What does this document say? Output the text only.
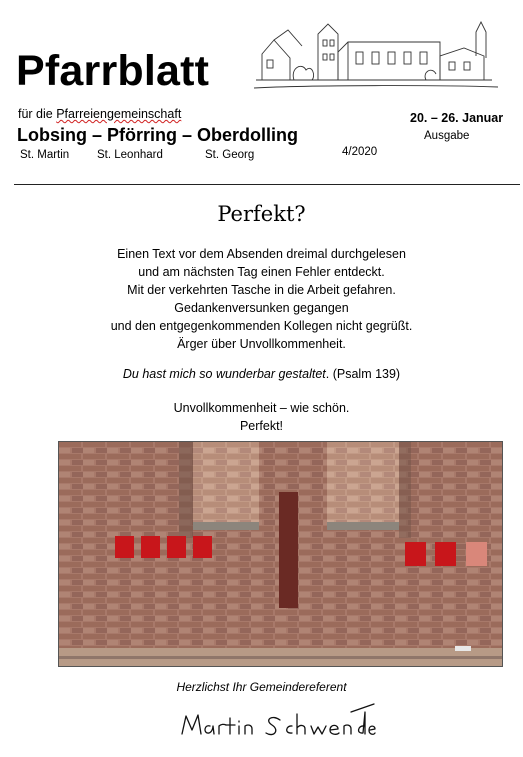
Pfarrblatt
für die Pfarreiengemeinschaft
Lobsing – Pförring – Oberdolling
St. Martin St. Leonhard	St. Georg	4/2020
20. – 26. Januar
Ausgabe
Perfekt?
Einen Text vor dem Absenden dreimal durchgelesen
und am nächsten Tag einen Fehler entdeckt.
Mit der verkehrten Tasche in die Arbeit gefahren.
Gedankenversunken gegangen
und den entgegenkommenden Kollegen nicht gegrüßt.
Ärger über Unvollkommenheit.
Du hast mich so wunderbar gestaltet. (Psalm 139)
Unvollkommenheit – wie schön.
Perfekt!
Herzlichst Ihr Gemeindereferent
